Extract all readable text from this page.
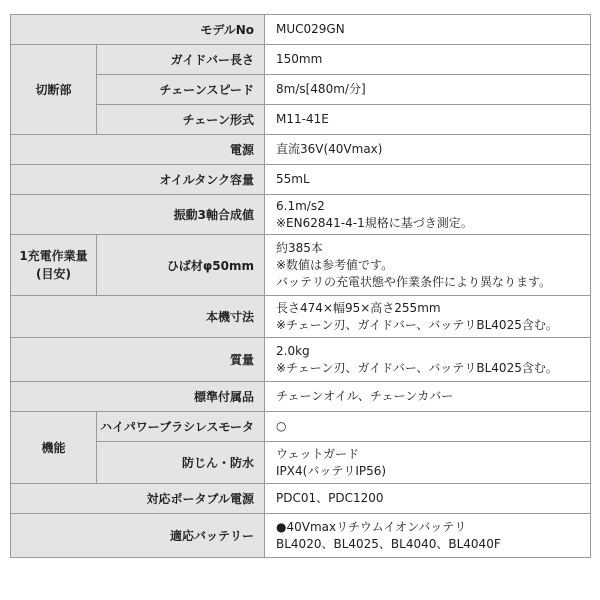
モデルNo		MUC029GN
切断部	ガイドバー長さ	150mm
	チェーンスピード	8m/s[480m/分]
	チェーン形式	M11-41E
電源		直流36V(40Vmax)
オイルタンク容量		55mL
振動3軸合成値		6.1m/s2
※EN62841-4-1規格に基づき測定。

1充電作業量
(目安)	ひば材φ50mm	約385本
※数値は参考値です。
バッテリの充電状態や作業条件により異なります。

本機寸法		長さ474×幅95×高さ255mm
※チェーン刃、ガイドバー、バッテリBL4025含む。

質量		2.0kg
※チェーン刃、ガイドバー、バッテリBL4025含む。

標準付属品		チェーンオイル、チェーンカバー
機能	ハイパワーブラシレスモータ	○
	防じん・防水	ウェットガード
IPX4(バッテリIP56)

対応ポータブル電源		PDC01、PDC1200
適応バッテリー		●40Vmaxリチウムイオンバッテリ
BL4020、BL4025、BL4040、BL4040F
